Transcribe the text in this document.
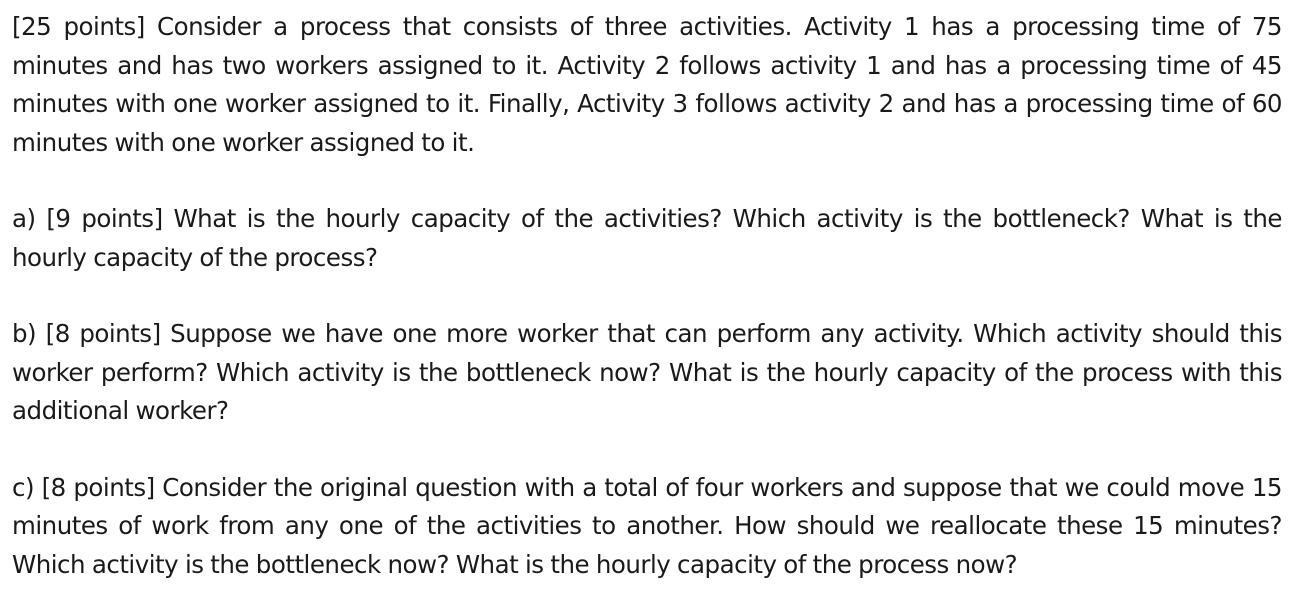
[25 points] Consider a process that consists of three activities. Activity 1 has a processing time of 75 minutes and has two workers assigned to it. Activity 2 follows activity 1 and has a processing time of 45 minutes with one worker assigned to it. Finally, Activity 3 follows activity 2 and has a processing time of 60 minutes with one worker assigned to it.

a) [9 points] What is the hourly capacity of the activities? Which activity is the bottleneck? What is the hourly capacity of the process?

b) [8 points] Suppose we have one more worker that can perform any activity. Which activity should this worker perform? Which activity is the bottleneck now? What is the hourly capacity of the process with this additional worker?

c) [8 points] Consider the original question with a total of four workers and suppose that we could move 15 minutes of work from any one of the activities to another. How should we reallocate these 15 minutes? Which activity is the bottleneck now? What is the hourly capacity of the process now?
